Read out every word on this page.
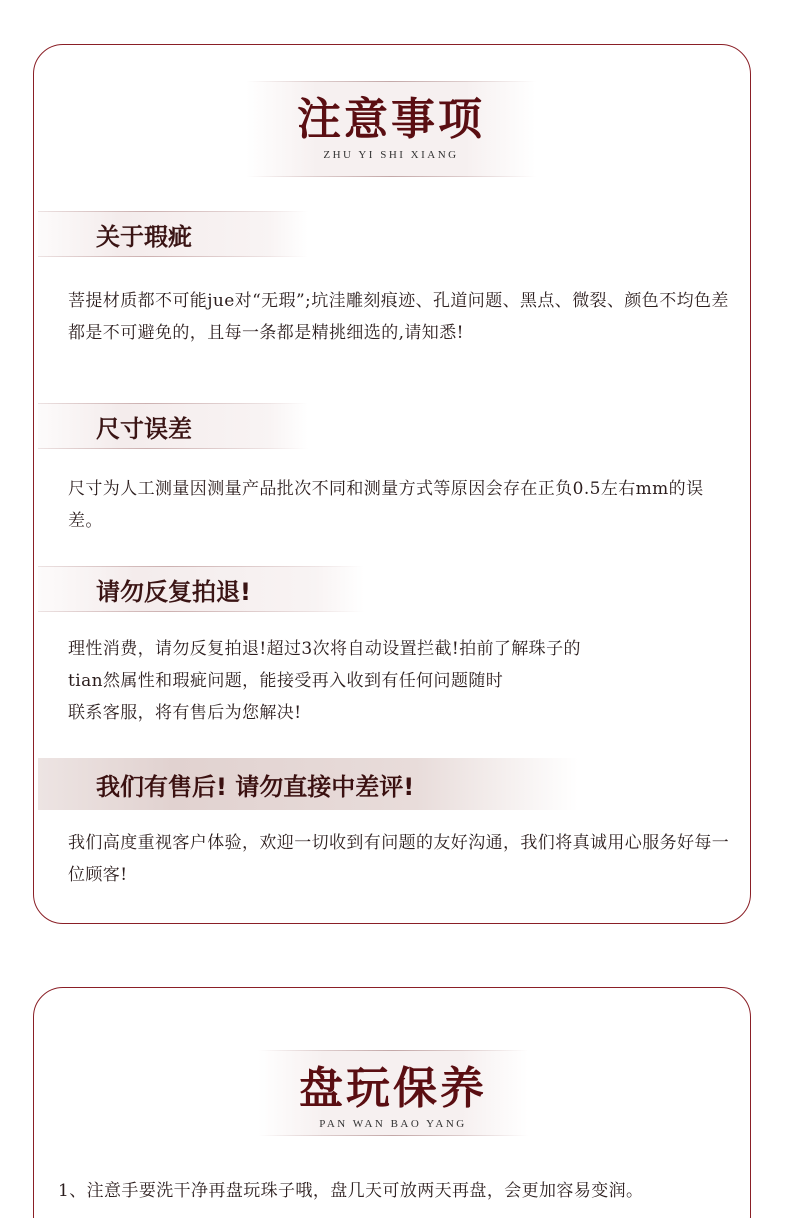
注意事项
ZHU YI SHI XIANG
关于瑕疵

菩提材质都不可能jue对“无瑕”;坑洼雕刻痕迹、孔道问题、黑点、微裂、颜色不均色差都是不可避免的，且每一条都是精挑细选的,请知悉!

尺寸误差

尺寸为人工测量因测量产品批次不同和测量方式等原因会存在正负0.5左右mm的误差。

请勿反复拍退!
理性消费，请勿反复拍退!超过3次将自动设置拦截!拍前了解珠子的
tian然属性和瑕疵问题，能接受再入收到有任何问题随时
联系客服，将有售后为您解决!
我们有售后! 请勿直接中差评!

我们高度重视客户体验，欢迎一切收到有问题的友好沟通，我们将真诚用心服务好每一位顾客!

盘玩保养
PAN WAN BAO YANG

1、注意手要洗干净再盘玩珠子哦，盘几天可放两天再盘，会更加容易变润。
